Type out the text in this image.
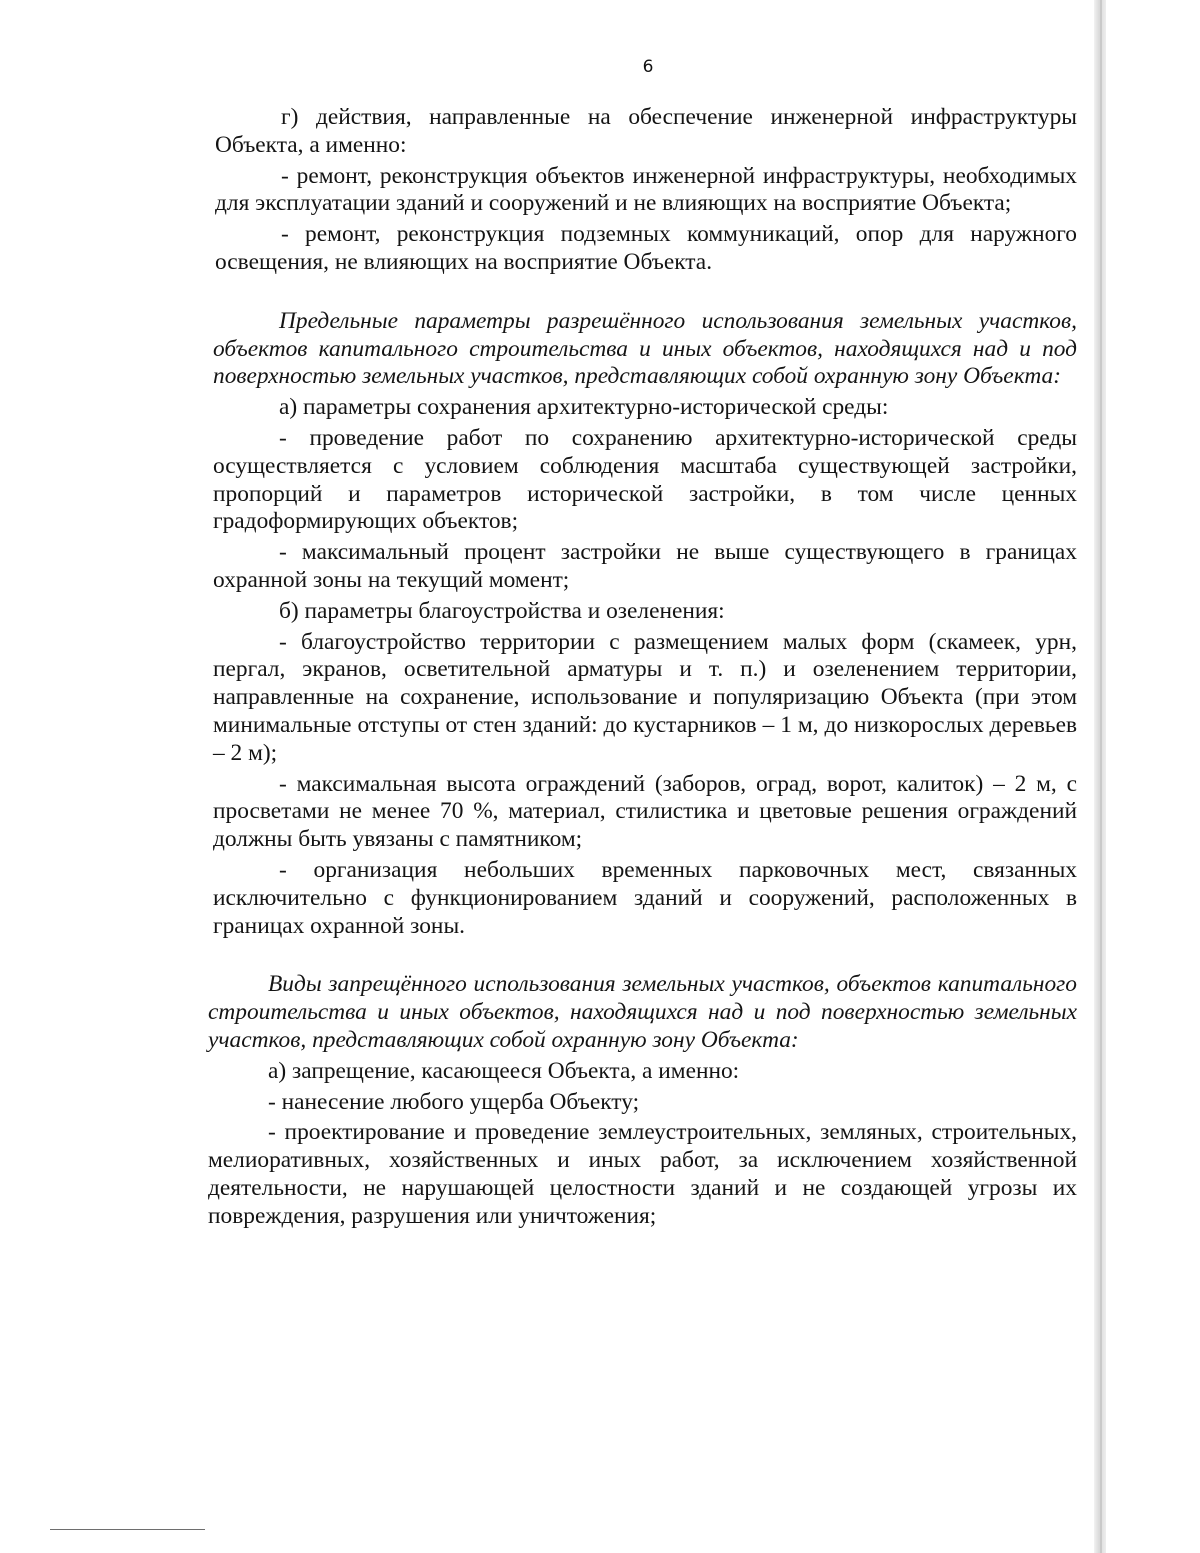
6

г) действия, направленные на обеспечение инженерной инфраструктуры Объекта, а именно:

- ремонт, реконструкция объектов инженерной инфраструктуры, необходимых для эксплуатации зданий и сооружений и не влияющих на восприятие Объекта;

- ремонт, реконструкция подземных коммуникаций, опор для наружного освещения, не влияющих на восприятие Объекта.

Предельные параметры разрешённого использования земельных участков, объектов капитального строительства и иных объектов, находящихся над и под поверхностью земельных участков, представляющих собой охранную зону Объекта:

а) параметры сохранения архитектурно-исторической среды:

- проведение работ по сохранению архитектурно-исторической среды осуществляется с условием соблюдения масштаба существующей застройки, пропорций и параметров исторической застройки, в том числе ценных градоформирующих объектов;

- максимальный процент застройки не выше существующего в границах охранной зоны на текущий момент;

б) параметры благоустройства и озеленения:

- благоустройство территории с размещением малых форм (скамеек, урн, пергал, экранов, осветительной арматуры и т. п.) и озеленением территории, направленные на сохранение, использование и популяризацию Объекта (при этом минимальные отступы от стен зданий: до кустарников – 1 м, до низкорослых деревьев – 2 м);

- максимальная высота ограждений (заборов, оград, ворот, калиток) – 2 м, с просветами не менее 70 %, материал, стилистика и цветовые решения ограждений должны быть увязаны с памятником;

- организация небольших временных парковочных мест, связанных исключительно с функционированием зданий и сооружений, расположенных в границах охранной зоны.

Виды запрещённого использования земельных участков, объектов капитального строительства и иных объектов, находящихся над и под поверхностью земельных участков, представляющих собой охранную зону Объекта:

а) запрещение, касающееся Объекта, а именно:

- нанесение любого ущерба Объекту;

- проектирование и проведение землеустроительных, земляных, строительных, мелиоративных, хозяйственных и иных работ, за исключением хозяйственной деятельности, не нарушающей целостности зданий и не создающей угрозы их повреждения, разрушения или уничтожения;
